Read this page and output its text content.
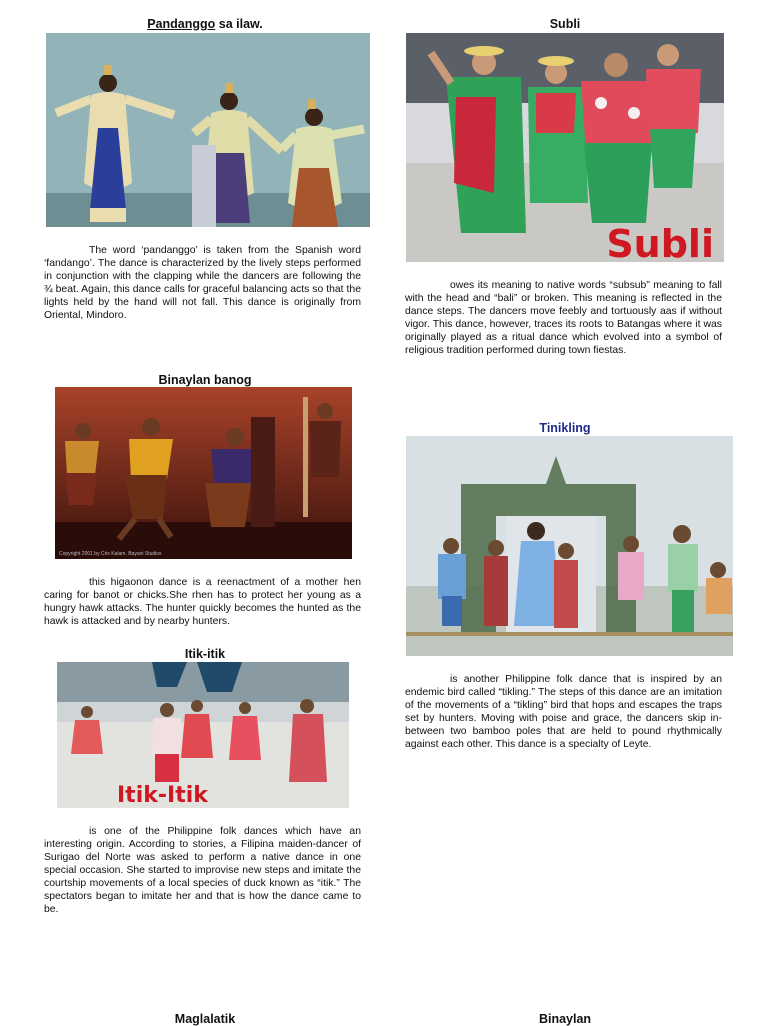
Pandanggo sa ilaw.

The word ‘pandanggo’ is taken from the Spanish word ‘fandango’. The dance is characterized by the lively steps performed in conjunction with the clapping while the dancers are following the ¾ beat. Again, this dance calls for graceful balancing acts so that the lights held by the hand will not fall. This dance is originally from Oriental, Mindoro.

Subli
Subli

owes its meaning to native words “subsub” meaning to fall with the head and “bali” or broken. This meaning is reflected in the dance steps. The dancers move feebly and tortuously aas if without vigor. This dance, however, traces its roots to Batangas where it was originally played as a ritual dance which evolved into a symbol of religious tradition performed during town fiestas.

Binaylan banog
Copyright 2001 by Cris Kalam. Bayani Studios

this higaonon dance is a reenactment of a mother hen caring for banot or chicks.She rhen has to protect her young as a hungry hawk attacks. The hunter quickly becomes the hunted as the hawk is attacked and by nearby hunters.

Tinikling

is another Philippine folk dance that is inspired by an endemic bird called “tikling.” The steps of this dance are an imitation of the movements of a “tikling” bird that hops and escapes the traps set by hunters. Moving with poise and grace, the dancers skip in-between two bamboo poles that are held to pound rhythmically against each other. This dance is a specialty of Leyte.

Itik-itik
Itik-Itik

is one of the Philippine folk dances which have an interesting origin. According to stories, a Filipina maiden-dancer of Surigao del Norte was asked to perform a native dance in one special occasion. She started to improvise new steps and imitate the courtship movements of a local species of duck known as “itik.” The spectators began to imitate her and that is how the dance came to be.

Maglalatik	Binaylan
